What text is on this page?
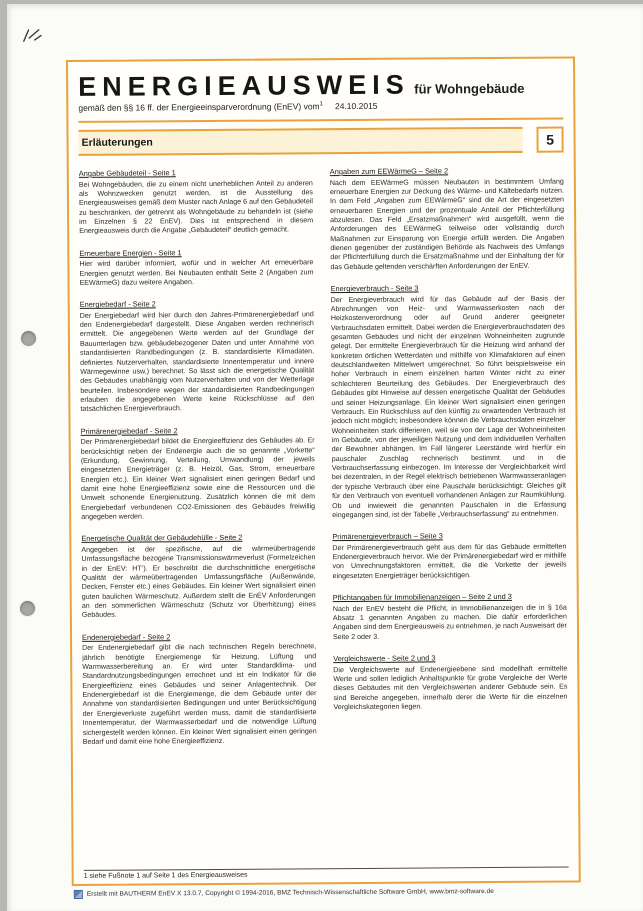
ENERGIEAUSWEIS für Wohngebäude
gemäß den §§ 16 ff. der Energieeinsparverordnung (EnEV) vom$^1$ 24.10.2015
Erläuterungen	5
Angabe Gebäudeteil - Seite 1

Bei Wohngebäuden, die zu einem nicht unerheblichen Anteil zu anderen als Wohnzwecken genutzt werden, ist die Ausstellung des Energieausweises gemäß dem Muster nach Anlage 6 auf den Gebäudeteil zu beschränken, der getrennt als Wohngebäude zu behandeln ist (siehe im Einzelnen § 22 EnEV). Dies ist entsprechend in diesem Energieausweis durch die Angabe „Gebäudeteil“ deutlich gemacht.

Erneuerbare Energien - Seite 1

Hier wird darüber informiert, wofür und in welcher Art erneuerbare Energien genutzt werden. Bei Neubauten enthält Seite 2 (Angaben zum EEWärmeG) dazu weitere Angaben.

Energiebedarf - Seite 2

Der Energiebedarf wird hier durch den Jahres-Primärenergiebedarf und den Endenergiebedarf dargestellt. Diese Angaben werden rechnerisch ermittelt. Die angegebenen Werte werden auf der Grundlage der Bauunterlagen bzw. gebäudebezogener Daten und unter Annahme von standardisierten Randbedingungen (z. B. standardisierte Klimadaten, definiertes Nutzerverhalten, standardisierte Innentemperatur und innere Wärmegewinne usw.) berechnet. So lässt sich die energetische Qualität des Gebäudes unabhängig vom Nutzerverhalten und von der Wetterlage beurteilen. Insbesondere wegen der standardisierten Randbedingungen erlauben die angegebenen Werte keine Rückschlüsse auf den tatsächlichen Energieverbrauch.

Primärenergiebedarf - Seite 2

Der Primärenergiebedarf bildet die Energieeffizienz des Gebäudes ab. Er berücksichtigt neben der Endenergie auch die so genannte „Vorkette“ (Erkundung, Gewinnung, Verteilung, Umwandlung) der jeweils eingesetzten Energieträger (z. B. Heizöl, Gas, Strom, erneuerbare Energien etc.). Ein kleiner Wert signalisiert einen geringen Bedarf und damit eine hohe Energieeffizienz sowie eine die Ressourcen und die Umwelt schonende Energienutzung. Zusätzlich können die mit dem Energiebedarf verbundenen CO2-Emissionen des Gebäudes freiwillig angegeben werden.

Energetische Qualität der Gebäudehülle - Seite 2

Angegeben ist der spezifische, auf die wärmeübertragende Umfassungsfläche bezogene Transmissionswärmeverlust (Formelzeichen in der EnEV: HT’). Er beschreibt die durchschnittliche energetische Qualität der wärmeübertragenden Umfassungsfläche (Außenwände, Decken, Fenster etc.) eines Gebäudes. Ein kleiner Wert signalisiert einen guten baulichen Wärmeschutz. Außerdem stellt die EnEV Anforderungen an den sommerlichen Wärmeschutz (Schutz vor Überhitzung) eines Gebäudes.

Endenergiebedarf - Seite 2

Der Endenergiebedarf gibt die nach technischen Regeln berechnete, jährlich benötigte Energiemenge für Heizung, Lüftung und Warmwasserbereitung an. Er wird unter Standardklima- und Standardnutzungsbedingungen errechnet und ist ein Indikator für die Energieeffizienz eines Gebäudes und seiner Anlagentechnik. Der Endenergiebedarf ist die Energiemenge, die dem Gebäude unter der Annahme von standardisierten Bedingungen und unter Berücksichtigung der Energieverluste zugeführt werden muss, damit die standardisierte Innentemperatur, der Warmwasserbedarf und die notwendige Lüftung sichergestellt werden können. Ein kleiner Wert signalisiert einen geringen Bedarf und damit eine hohe Energieeffizienz.

Angaben zum EEWärmeG – Seite 2

Nach dem EEWärmeG müssen Neubauten in bestimmtem Umfang erneuerbare Energien zur Deckung des Wärme- und Kältebedarfs nutzen. In dem Feld „Angaben zum EEWärmeG“ sind die Art der eingesetzten erneuerbaren Energien und der prozentuale Anteil der Pflichterfüllung abzulesen. Das Feld „Ersatzmaßnahmen“ wird ausgefüllt, wenn die Anforderungen des EEWärmeG teilweise oder vollständig durch Maßnahmen zur Einsparung von Energie erfüllt werden. Die Angaben dienen gegenüber der zuständigen Behörde als Nachweis des Umfangs der Pflichterfüllung durch die Ersatzmaßnahme und der Einhaltung der für das Gebäude geltenden verschärften Anforderungen der EnEV.

Energieverbrauch - Seite 3

Der Energieverbrauch wird für das Gebäude auf der Basis der Abrechnungen von Heiz- und Warmwasserkosten nach der Heizkostenverordnung oder auf Grund anderer geeigneter Verbrauchsdaten ermittelt. Dabei werden die Energieverbrauchsdaten des gesamten Gebäudes und nicht der einzelnen Wohneinheiten zugrunde gelegt. Der ermittelte Energieverbrauch für die Heizung wird anhand der konkreten örtlichen Wetterdaten und mithilfe von Klimafaktoren auf einen deutschlandweiten Mittelwert umgerechnet. So führt beispielsweise ein hoher Verbrauch in einem einzelnen harten Winter nicht zu einer schlechteren Beurteilung des Gebäudes. Der Energieverbrauch des Gebäudes gibt Hinweise auf dessen energetische Qualität der Gebäudes und seiner Heizungsanlage. Ein kleiner Wert signalisiert einen geringen Verbrauch. Ein Rückschluss auf den künftig zu erwartenden Verbrauch ist jedoch nicht möglich; insbesondere können die Verbrauchsdaten einzelner Wohneinheiten stark differieren, weil sie von der Lage der Wohneinheiten im Gebäude, von der jeweiligen Nutzung und dem individuellen Verhalten der Bewohner abhängen. Im Fall längerer Leerstände wird hierfür ein pauschaler Zuschlag rechnerisch bestimmt und in die Verbrauchserfassung einbezogen. Im Interesse der Vergleichbarkeit wird bei dezentralen, in der Regel elektrisch betriebenen Warmwasseranlagen der typische Verbrauch über eine Pauschale berücksichtigt: Gleiches gilt für den Verbrauch von eventuell vorhandenen Anlagen zur Raumkühlung. Ob und inwieweit die genannten Pauschalen in die Erfassung eingegangen sind, ist der Tabelle „Verbrauchserfassung“ zu entnehmen.

Primärenergieverbrauch – Seite 3

Der Primärenergieverbrauch geht aus dem für das Gebäude ermittelten Endenergieverbrauch hervor. Wie der Primärenergiebedarf wird er mithilfe von Umrechnungsfaktoren ermittelt, die die Vorkette der jeweils eingesetzten Energieträger berücksichtigen.

Pflichtangaben für Immobilienanzeigen – Seite 2 und 3

Nach der EnEV besteht die Pflicht, in Immobilienanzeigen die in § 16a Absatz 1 genannten Angaben zu machen. Die dafür erforderlichen Angaben sind dem Energieausweis zu entnehmen, je nach Ausweisart der Seite 2 oder 3.

Vergleichswerte - Seite 2 und 3

Die Vergleichswerte auf Endenergieebene sind modellhaft ermittelte Werte und sollen lediglich Anhaltspunkte für grobe Vergleiche der Werte dieses Gebäudes mit den Vergleichswerten anderer Gebäude sein. Es sind Bereiche angegeben, innerhalb derer die Werte für die einzelnen Vergleichskategorien liegen.

1 siehe Fußnote 1 auf Seite 1 des Energieausweises
Erstellt mit BAUTHERM EnEV X 13.0.7, Copyright © 1994-2016, BMZ Technisch-Wissenschaftliche Software GmbH, www.bmz-software.de
